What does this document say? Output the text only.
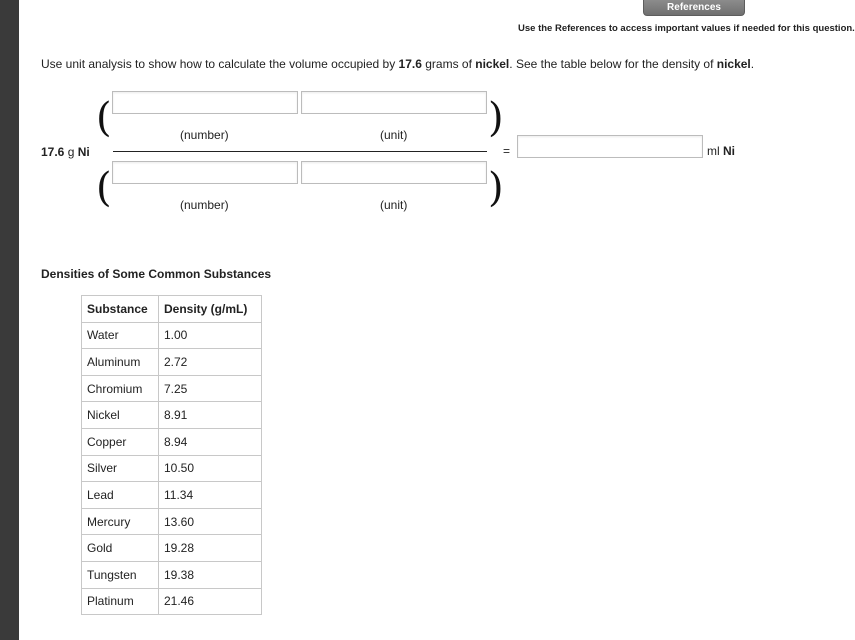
References
Use the References to access important values if needed for this question.
Use unit analysis to show how to calculate the volume occupied by 17.6 grams of nickel. See the table below for the density of nickel.
17.6 g Ni
(	)
(	)
(number)	(unit)
(number)	(unit)
=	ml Ni
Densities of Some Common Substances
Substance	Density (g/mL)
Water	1.00
Aluminum	2.72
Chromium	7.25
Nickel	8.91
Copper	8.94
Silver	10.50
Lead	11.34
Mercury	13.60
Gold	19.28
Tungsten	19.38
Platinum	21.46
